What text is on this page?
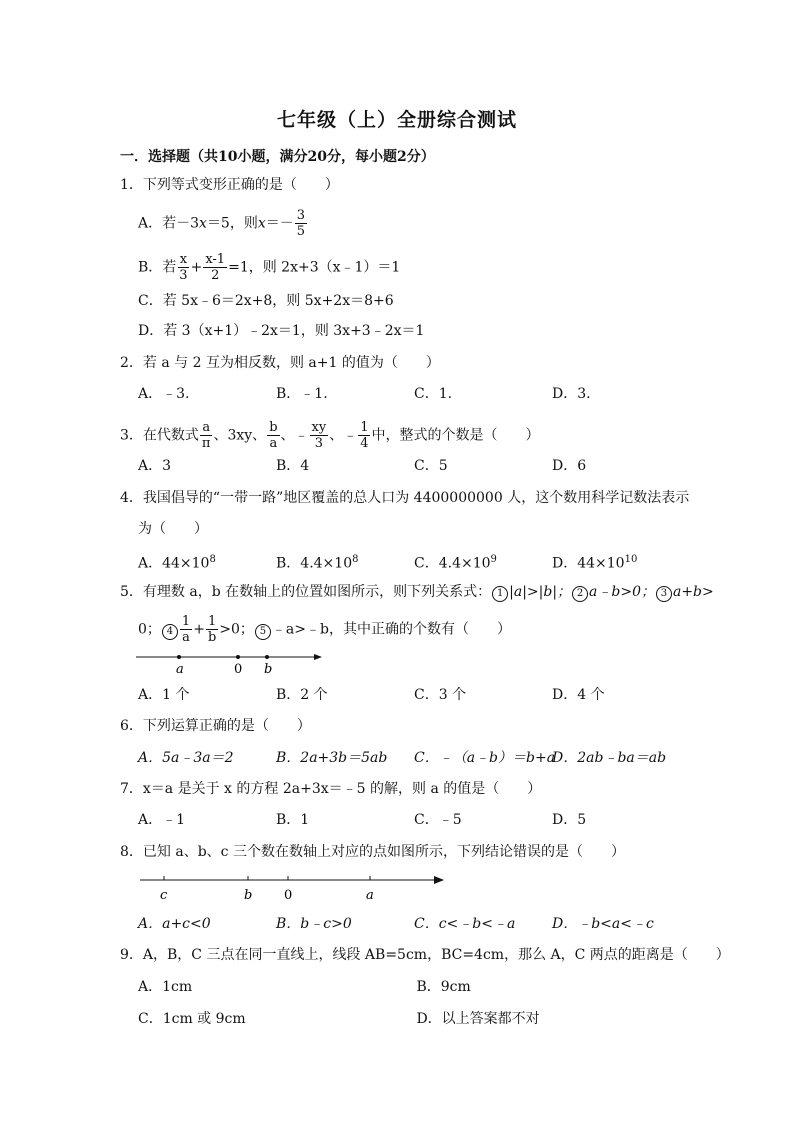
七年级（上）全册综合测试
一．选择题（共10小题，满分20分，每小题2分）
1．下列等式变形正确的是（　　）
A．若－3x＝5，则$x=- \frac{3}{5}$
B．若 $\frac{x}{3} + \frac{x-1}{2} =1$，则 2x+3（x﹣1）＝1
C．若 5x﹣6＝2x+8，则 5x+2x＝8+6
D．若 3（x+1）﹣2x＝1，则 3x+3﹣2x＝1
2．若 a 与 2 互为相反数，则 a+1 的值为（　　）
A．﹣3.	B．﹣1.	C．1.	D．3.
3．在代数式 $\frac{a}{\pi}$ 、3xy、 $\frac{b}{a}$ 、﹣ $\frac{xy}{3}$ 、﹣ $\frac{1}{4}$ 中，整式的个数是（　　）
A．3	B．4	C．5	D．6
4．我国倡导的“一带一路”地区覆盖的总人口为 4400000000 人，这个数用科学记数法表示
为（　　）
A．$44\times 10^8$	B．$4.4\times 10^8$	C．$4.4\times 10^9$	D．$44\times 10^{10}$
5．有理数 a，b 在数轴上的位置如图所示，则下列关系式： 1 |a|>|b|； 2 a﹣b>0； 3 a+b>
0； $4 \frac{1}{a} + \frac{1}{b} >0$； 5 ﹣a>﹣b，其中正确的个数有（　　）
a	0 b
A．1 个	B．2 个	C．3 个	D．4 个
6．下列运算正确的是（　　）
A．5a﹣3a＝2	B．2a+3b＝5ab	C．﹣（a﹣b）＝b+a
D．2ab﹣ba＝ab
7．x＝a 是关于 x 的方程 2a+3x＝﹣5 的解，则 a 的值是（　　）
A．﹣1	B．1	C．﹣5	D．5
8．已知 a、b、c 三个数在数轴上对应的点如图所示，下列结论错误的是（　　）
c	b 0	a
A．a+c<0	B．b﹣c>0	C．c<﹣b<﹣a	D．﹣b<a<﹣c
9．A，B，C 三点在同一直线上，线段 AB=5cm，BC=4cm，那么 A，C 两点的距离是（　　）
A．1cm	B．9cm
C．1cm 或 9cm	D．以上答案都不对
